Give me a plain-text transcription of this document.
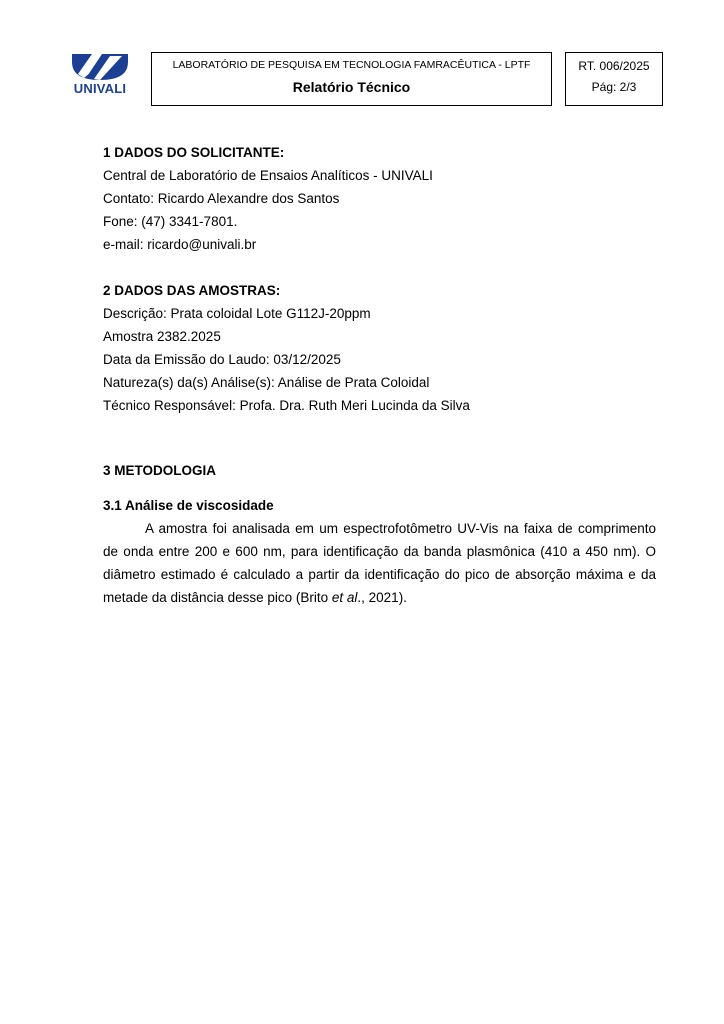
UNIVALI
LABORATÓRIO DE PESQUISA EM TECNOLOGIA FAMRACÊUTICA - LPTF
Relatório Técnico
RT. 006/2025
Pág: 2/3
1 DADOS DO SOLICITANTE:
Central de Laboratório de Ensaios Analíticos - UNIVALI
Contato: Ricardo Alexandre dos Santos
Fone: (47) 3341-7801.
e-mail: ricardo@univali.br
2 DADOS DAS AMOSTRAS:
Descrição: Prata coloidal Lote G112J-20ppm
Amostra 2382.2025
Data da Emissão do Laudo: 03/12/2025
Natureza(s) da(s) Análise(s): Análise de Prata Coloidal
Técnico Responsável: Profa. Dra. Ruth Meri Lucinda da Silva
3 METODOLOGIA
3.1 Análise de viscosidade

A amostra foi analisada em um espectrofotômetro UV-Vis na faixa de comprimento de onda entre 200 e 600 nm, para identificação da banda plasmônica (410 a 450 nm). O diâmetro estimado é calculado a partir da identificação do pico de absorção máxima e da metade da distância desse pico (Brito et al., 2021).
